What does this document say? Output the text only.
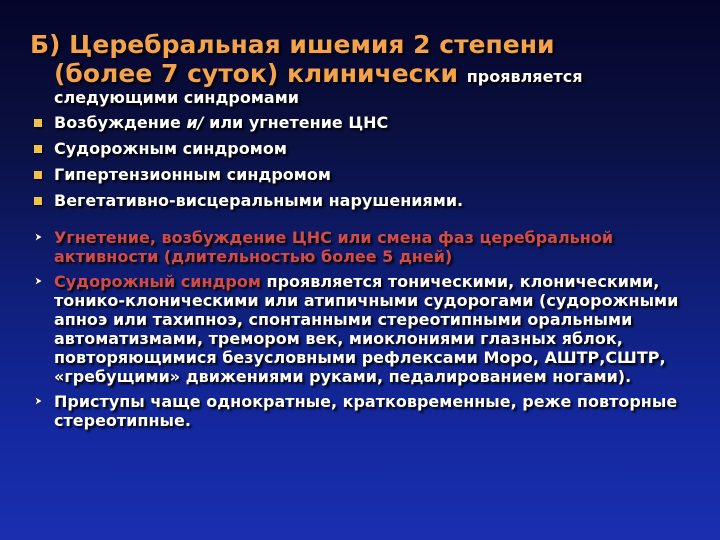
Б) Церебральная ишемия 2 степени
(более 7 суток) клинически проявляется
следующими синдромами
Возбуждение и/ или угнетение ЦНС
Судорожным синдромом
Гипертензионным синдромом
Вегетативно-висцеральными нарушениями.
Угнетение, возбуждение ЦНС или смена фаз церебральной активности (длительностью более 5 дней)
Судорожный синдром проявляется тоническими, клоническими, тонико-клоническими или атипичными судорогами (судорожными апноэ или тахипноэ, спонтанными стереотипными оральными автоматизмами, тремором век, миоклониями глазных яблок, повторяющимися безусловными рефлексами Моро, АШТР,СШТР, «гребущими» движениями руками, педалированием ногами).
Приступы чаще однократные, кратковременные, реже повторные стереотипные.
